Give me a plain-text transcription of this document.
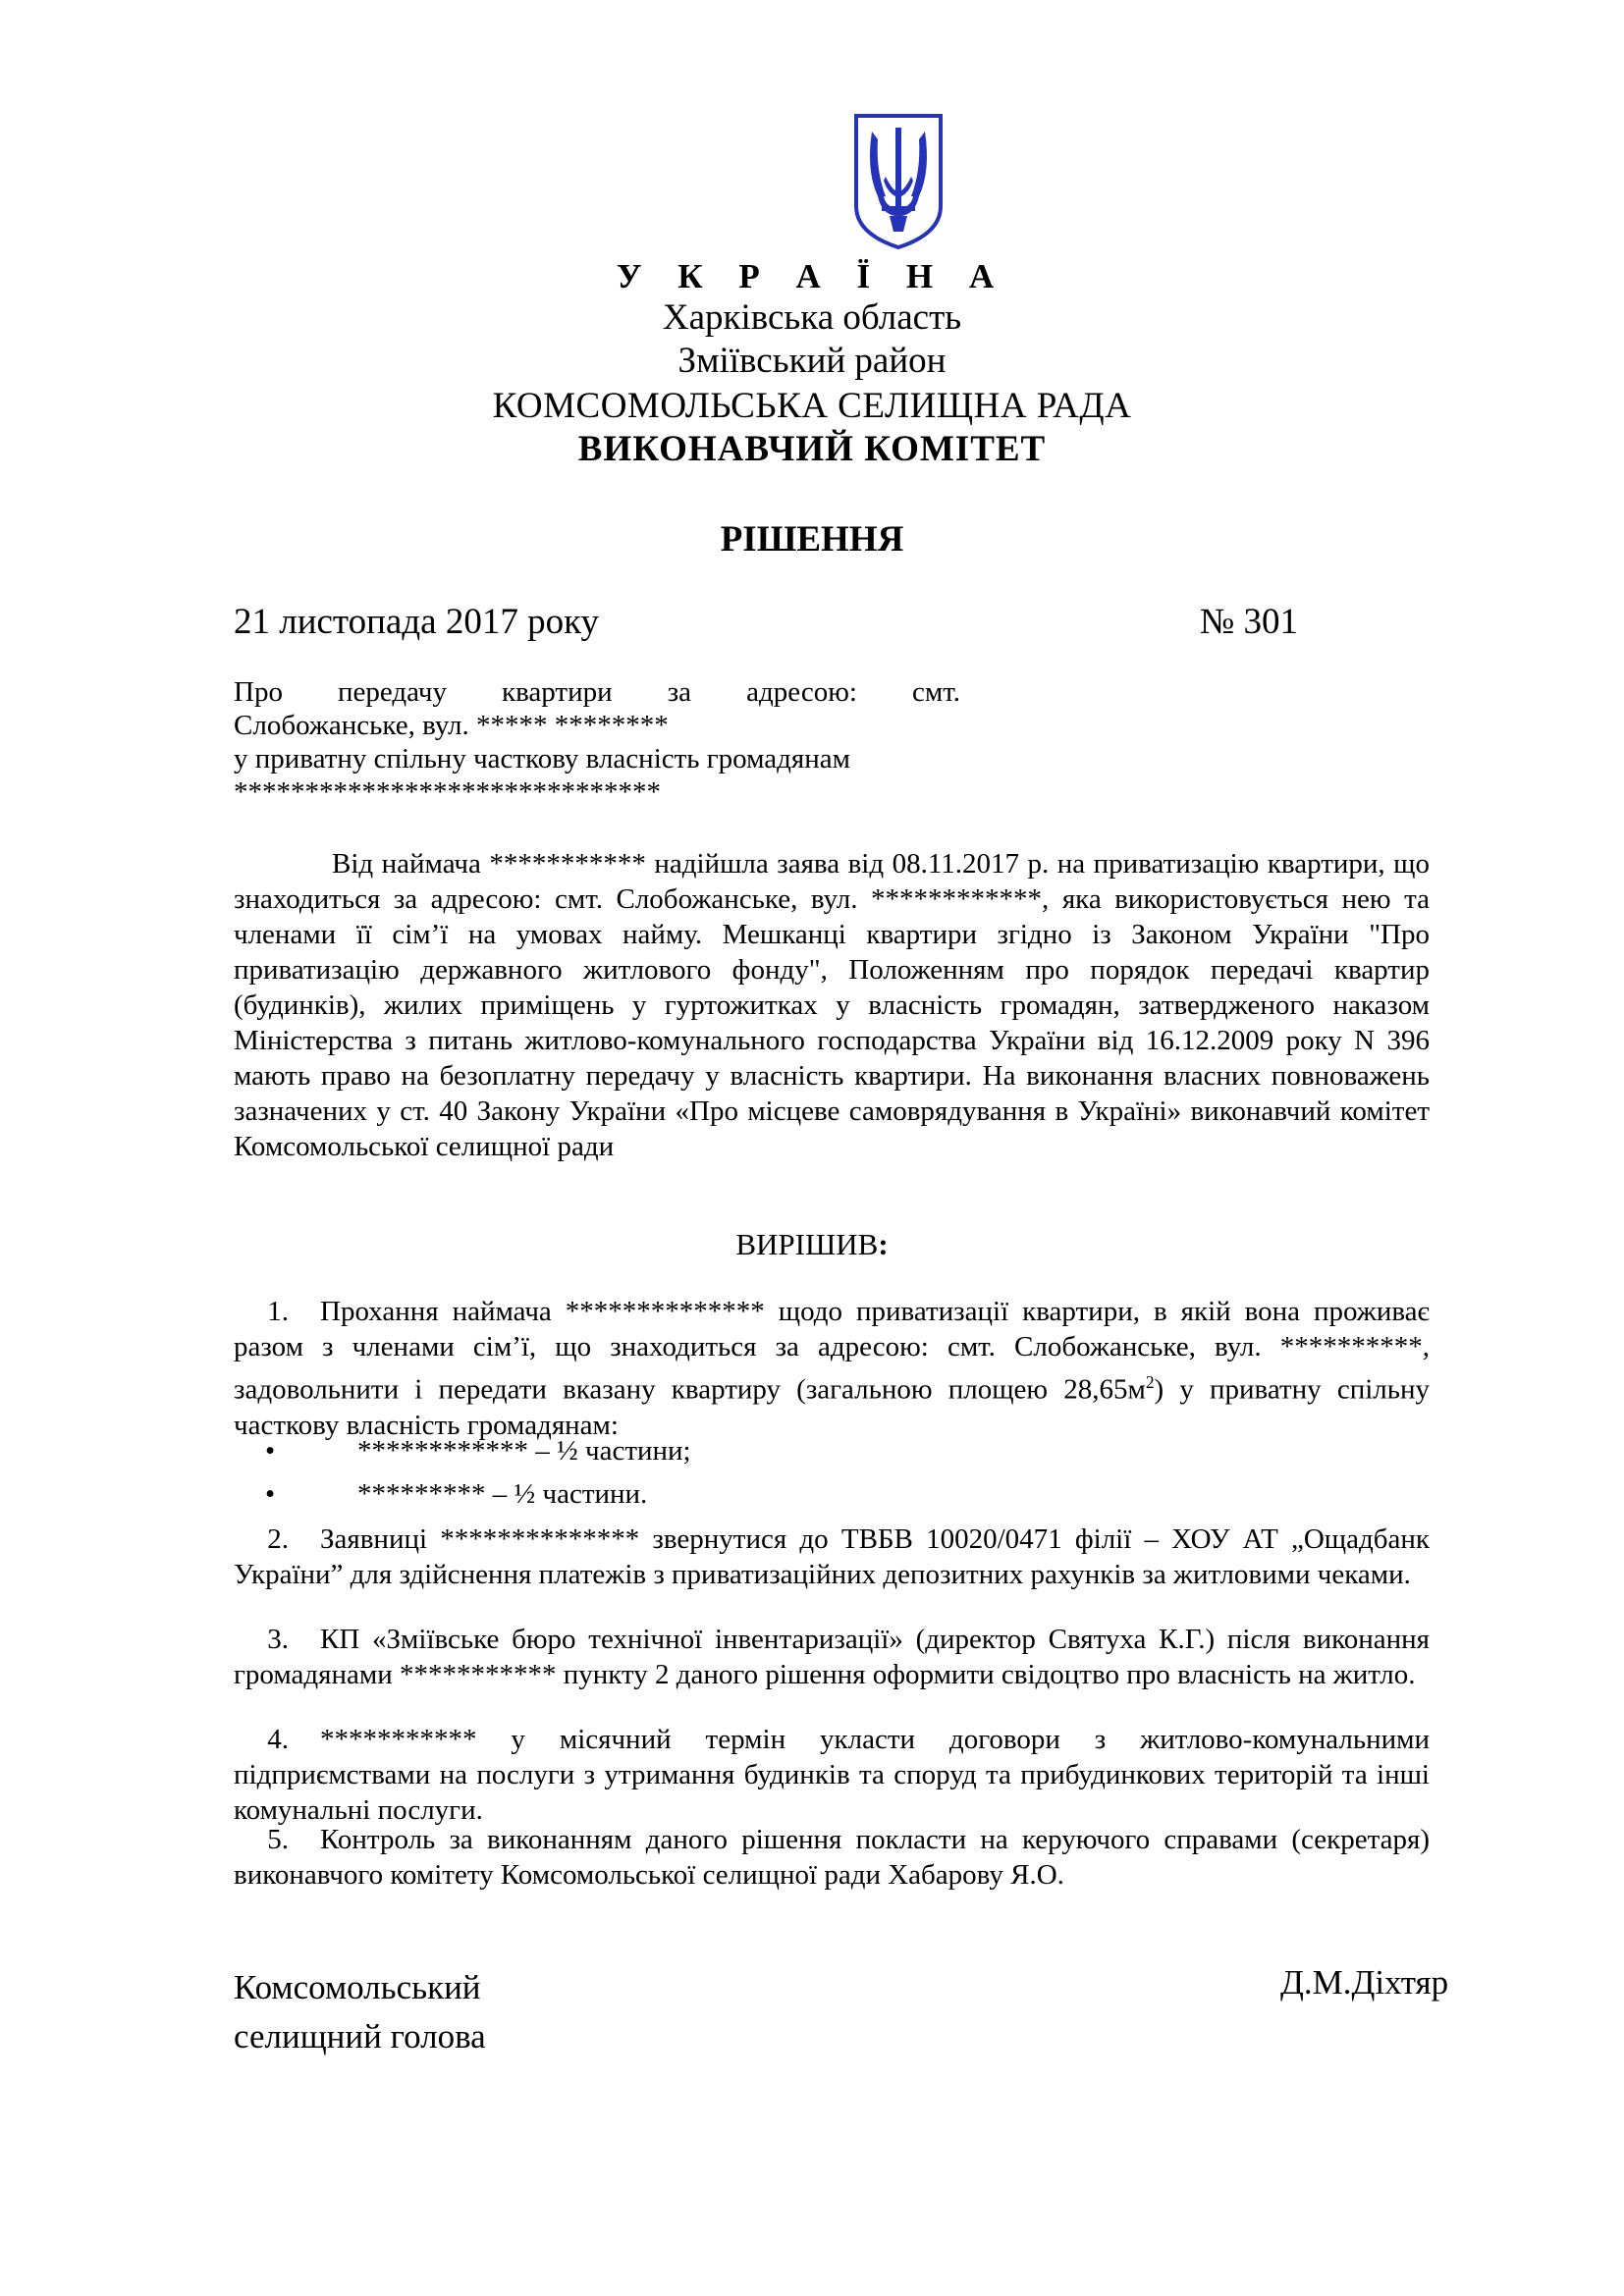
У К Р А Ї Н А
Харківська область
Зміївський район
КОМСОМОЛЬСЬКА СЕЛИЩНА РАДА
ВИКОНАВЧИЙ КОМІТЕТ
РІШЕННЯ
21 листопада 2017 року	№ 301
Про передачу квартири за адресою: смт.
Слобожанське, вул. ***** ********
у приватну спільну часткову власність громадянам
******************************
Від наймача *********** надійшла заява від 08.11.2017 р. на приватизацію квартири, що знаходиться за адресою: смт. Слобожанське, вул. ************, яка використовується нею та членами її сім’ї на умовах найму. Мешканці квартири згідно із Законом України "Про приватизацію державного житлового фонду", Положенням про порядок передачі квартир (будинків), жилих приміщень у гуртожитках у власність громадян, затвердженого наказом Міністерства з питань житлово-комунального господарства України від 16.12.2009 року N 396 мають право на безоплатну передачу у власність квартири. На виконання власних повноважень зазначених у ст. 40 Закону України «Про місцеве самоврядування в Україні» виконавчий комітет Комсомольської селищної ради
ВИРІШИВ:
1. Прохання наймача ************** щодо приватизації квартири, в якій вона проживає разом з членами сім’ї, що знаходиться за адресою: смт. Слобожанське, вул. **********, задовольнити і передати вказану квартиру (загальною площею $28,65м^2$) у приватну спільну часткову власність громадянам:
•	************ – ½ частини;
•	********* – ½ частини.
2. Заявниці ************** звернутися до ТВБВ 10020/0471 філії – ХОУ АТ „Ощадбанк України” для здійснення платежів з приватизаційних депозитних рахунків за житловими чеками.
3. КП «Зміївське бюро технічної інвентаризації» (директор Святуха К.Г.) після виконання громадянами *********** пункту 2 даного рішення оформити свідоцтво про власність на житло.
4. *********** у місячний термін укласти договори з житлово-комунальними підприємствами на послуги з утримання будинків та споруд та прибудинкових територій та інші комунальні послуги.
5. Контроль за виконанням даного рішення покласти на керуючого справами (секретаря) виконавчого комітету Комсомольської селищної ради Хабарову Я.О.
Комсомольський
селищний голова
Д.М.Діхтяр
